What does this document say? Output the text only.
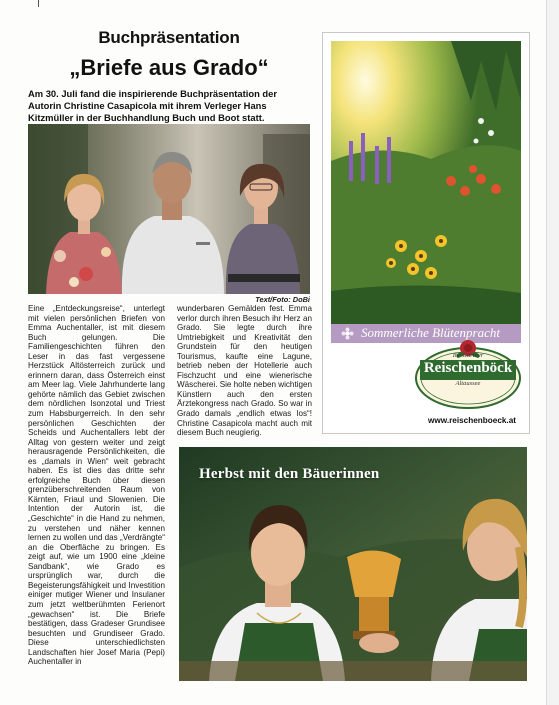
Buchpräsentation
„Briefe aus Grado“
Am 30. Juli fand die inspirierende Buchpräsentation der Autorin Christine Casapicola mit ihrem Verleger Hans Kitzmüller in der Buchhandlung Buch und Boot statt.
Text/Foto: DoBi
Eine „Entdeckungsreise“, unterlegt mit vielen persönlichen Briefen von Emma Auchentaller, ist mit diesem Buch gelungen. Die Familiengeschichten führen den Leser in das fast vergessene Herzstück Altösterreich zurück und erinnern daran, dass Österreich einst am Meer lag. Viele Jahrhunderte lang gehörte nämlich das Gebiet zwischen dem nördlichen Isonzotal und Triest zum Habsburgerreich. In den sehr persönlichen Geschichten der Scheids und Auchentallers lebt der Alltag von gestern weiter und zeigt herausragende Persönlichkeiten, die es „damals in Wien“ weit gebracht haben. Es ist dies das dritte sehr erfolgreiche Buch über diesen grenzüberschreitenden Raum von Kärnten, Friaul und Slowenien. Die Intention der Autorin ist, die „Geschichte“ in die Hand zu nehmen, zu verstehen und näher kennen lernen zu wollen und das „Verdrängte“ an die Oberfläche zu bringen. Es zeigt auf, wie um 1900 eine „kleine Sandbank“, wie Grado es ursprünglich war, durch die Begeisterungsfähigkeit und Investition einiger mutiger Wiener und Insulaner zum jetzt weltberühmten Ferienort „gewachsen“ ist. Die Briefe bestätigen, dass Gradeser Grundisee besuchten und Grundiseer Grado. Diese unterschiedlichsten Landschaften hier Josef Maria (Pepi) Auchentaller in
wunderbaren Gemälden fest. Emma verlor durch ihren Besuch ihr Herz an Grado. Sie legte durch ihre Umtriebigkeit und Kreativität den Grundstein für den heutigen Tourismus, kaufte eine Lagune, betrieb neben der Hotellerie auch Fischzucht und eine wienerische Wäscherei. Sie holte neben wichtigen Künstlern auch den ersten Ärztekongress nach Grado. So war in Grado damals „endlich etwas los“! Christine Casapicola macht auch mit diesem Buch neugierig.
Sommerliche Blütenpracht
Ihr Gärtner
Reischenböck
Altaussee
www.reischenboeck.at
Herbst mit den Bäuerinnen
